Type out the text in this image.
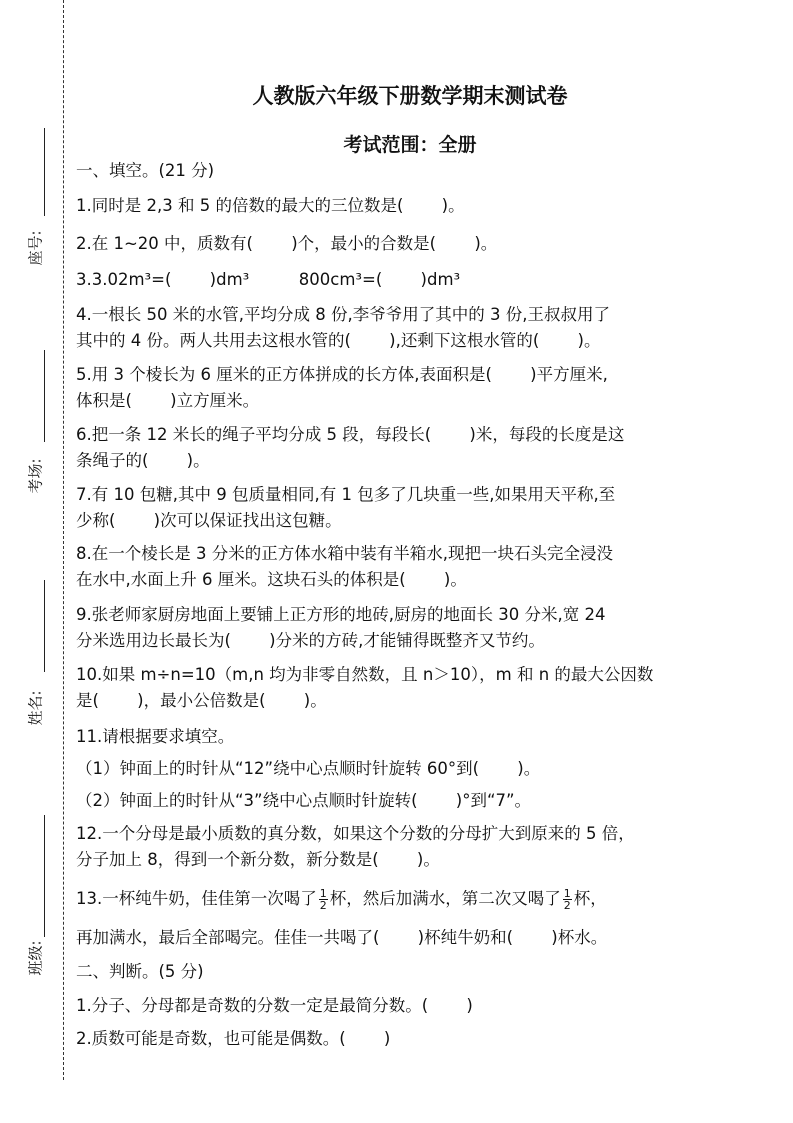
座号:
考场:
姓名:
班级:
人教版六年级下册数学期末测试卷
考试范围：全册
一、填空。(21 分)
1.同时是 2,3 和 5 的倍数的最大的三位数是(　　 )。
2.在 1~20 中，质数有(　　 )个，最小的合数是(　　 )。
3.3.02m³=(　　 )dm³　　　800cm³=(　　 )dm³
4.一根长 50 米的水管,平均分成 8 份,李爷爷用了其中的 3 份,王叔叔用了
其中的 4 份。两人共用去这根水管的(　　 ),还剩下这根水管的(　　 )。
5.用 3 个棱长为 6 厘米的正方体拼成的长方体,表面积是(　　 )平方厘米,
体积是(　　 )立方厘米。
6.把一条 12 米长的绳子平均分成 5 段，每段长(　　 )米，每段的长度是这
条绳子的(　　 )。
7.有 10 包糖,其中 9 包质量相同,有 1 包多了几块重一些,如果用天平称,至
少称(　　 )次可以保证找出这包糖。
8.在一个棱长是 3 分米的正方体水箱中装有半箱水,现把一块石头完全浸没
在水中,水面上升 6 厘米。这块石头的体积是(　　 )。
9.张老师家厨房地面上要铺上正方形的地砖,厨房的地面长 30 分米,宽 24
分米选用边长最长为(　　 )分米的方砖,才能铺得既整齐又节约。
10.如果 m÷n=10（m,n 均为非零自然数，且 n＞10），m 和 n 的最大公因数
是(　　 )，最小公倍数是(　　 )。
11.请根据要求填空。
（1）钟面上的时针从“12”绕中心点顺时针旋转 60°到(　　 )。
（2）钟面上的时针从“3”绕中心点顺时针旋转(　　 )°到“7”。
12.一个分母是最小质数的真分数，如果这个分数的分母扩大到原来的 5 倍，
分子加上 8，得到一个新分数，新分数是(　　 )。
13.一杯纯牛奶，佳佳第一次喝了 $\frac{1}{2}$ 杯，然后加满水，第二次又喝了 $\frac{1}{2}$ 杯，
再加满水，最后全部喝完。佳佳一共喝了(　　 )杯纯牛奶和(　　 )杯水。
二、判断。(5 分)
1.分子、分母都是奇数的分数一定是最简分数。(　　 )
2.质数可能是奇数，也可能是偶数。(　　 )
